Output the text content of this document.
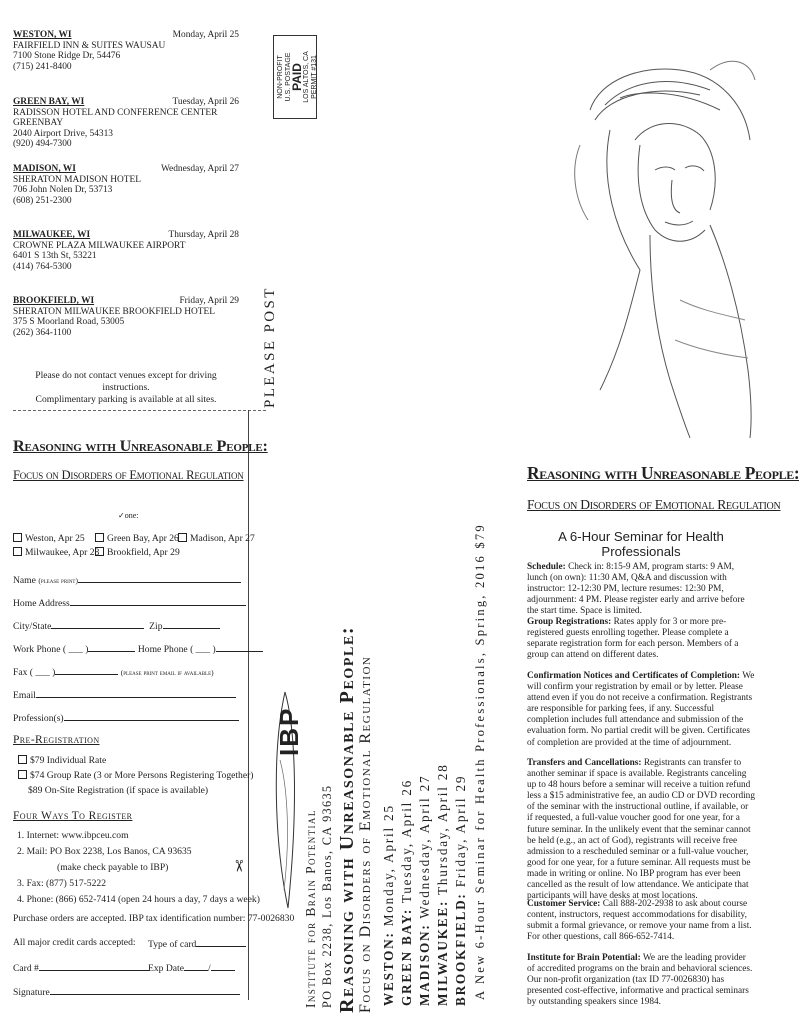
WESTON, WI	Monday, April 25
FAIRFIELD INN & SUITES WAUSAU
7100 Stone Ridge Dr, 54476
(715) 241-8400
GREEN BAY, WI	Tuesday, April 26
RADISSON HOTEL AND CONFERENCE CENTER GREENBAY
2040 Airport Drive, 54313
(920) 494-7300
MADISON, WI	Wednesday, April 27
SHERATON MADISON HOTEL
706 John Nolen Dr, 53713
(608) 251-2300
MILWAUKEE, WI	Thursday, April 28
CROWNE PLAZA MILWAUKEE AIRPORT
6401 S 13th St, 53221
(414) 764-5300
BROOKFIELD, WI	Friday, April 29
SHERATON MILWAUKEE BROOKFIELD HOTEL
375 S Moorland Road, 53005
(262) 364-1100
Please do not contact venues except for driving instructions.
Complimentary parking is available at all sites.
Reasoning with Unreasonable People:
Focus on Disorders of Emotional Regulation
✓one:
Weston, Apr 25	Green Bay, Apr 26	Madison, Apr 27
Milwaukee, Apr 28 Brookfield, Apr 29
Name (please print)
Home Address
City/State	Zip
Work Phone ( ___ )	Home Phone ( ___ )
Fax ( ___ )	(please print email if available)
Email
Profession(s)
Pre-Registration
$79 Individual Rate
$74 Group Rate (3 or More Persons Registering Together)
$89 On-Site Registration (if space is available)
Four Ways To Register
1. Internet: www.ibpceu.com
2. Mail: PO Box 2238, Los Banos, CA 93635
(make check payable to IBP)
3. Fax: (877) 517-5222
4. Phone: (866) 652-7414 (open 24 hours a day, 7 days a week)
Purchase orders are accepted. IBP tax identification number: 77-0026830
All major credit cards accepted: Type of card
Card #	Exp Date	/
Signature
✂
NON-PROFIT U.S. POSTAGE
PAID LOS ALTOS, CA PERMIT #131
PLEASE POST
IBP
Institute for Brain Potential PO Box 2238, Los Banos, CA 93635 Reasoning with Unreasonable People: Focus on Disorders of Emotional Regulation WESTON: Monday, April 25
GREEN BAY: Tuesday, April 26
MADISON: Wednesday, April 27
MILWAUKEE: Thursday, April 28
BROOKFIELD: Friday, April 29 A New 6-Hour Seminar for Health Professionals, Spring, 2016 $79
Reasoning with Unreasonable People:
Focus on Disorders of Emotional Regulation
A 6-Hour Seminar for Health Professionals
Schedule: Check in: 8:15-9 AM, program starts: 9 AM, lunch (on own): 11:30 AM, Q&A and discussion with instructor: 12-12:30 PM, lecture resumes: 12:30 PM, adjournment: 4 PM. Please register early and arrive before the start time. Space is limited.
Group Registrations: Rates apply for 3 or more pre-registered guests enrolling together. Please complete a separate registration form for each person. Members of a group can attend on different dates.
Confirmation Notices and Certificates of Completion: We will confirm your registration by email or by letter. Please attend even if you do not receive a confirmation. Registrants are responsible for parking fees, if any. Successful completion includes full attendance and submission of the evaluation form. No partial credit will be given. Certificates of completion are provided at the time of adjournment.
Transfers and Cancellations: Registrants can transfer to another seminar if space is available. Registrants canceling up to 48 hours before a seminar will receive a tuition refund less a $15 administrative fee, an audio CD or DVD recording of the seminar with the instructional outline, if available, or if requested, a full-value voucher good for one year, for a future seminar. In the unlikely event that the seminar cannot be held (e.g., an act of God), registrants will receive free admission to a rescheduled seminar or a full-value voucher, good for one year, for a future seminar. All requests must be made in writing or online. No IBP program has ever been cancelled as the result of low attendance. We anticipate that participants will have desks at most locations.
Customer Service: Call 888-202-2938 to ask about course content, instructors, request accommodations for disability, submit a formal grievance, or remove your name from a list. For other questions, call 866-652-7414.
Institute for Brain Potential: We are the leading provider of accredited programs on the brain and behavioral sciences. Our non-profit organization (tax ID 77-0026830) has presented cost-effective, informative and practical seminars by outstanding speakers since 1984.
